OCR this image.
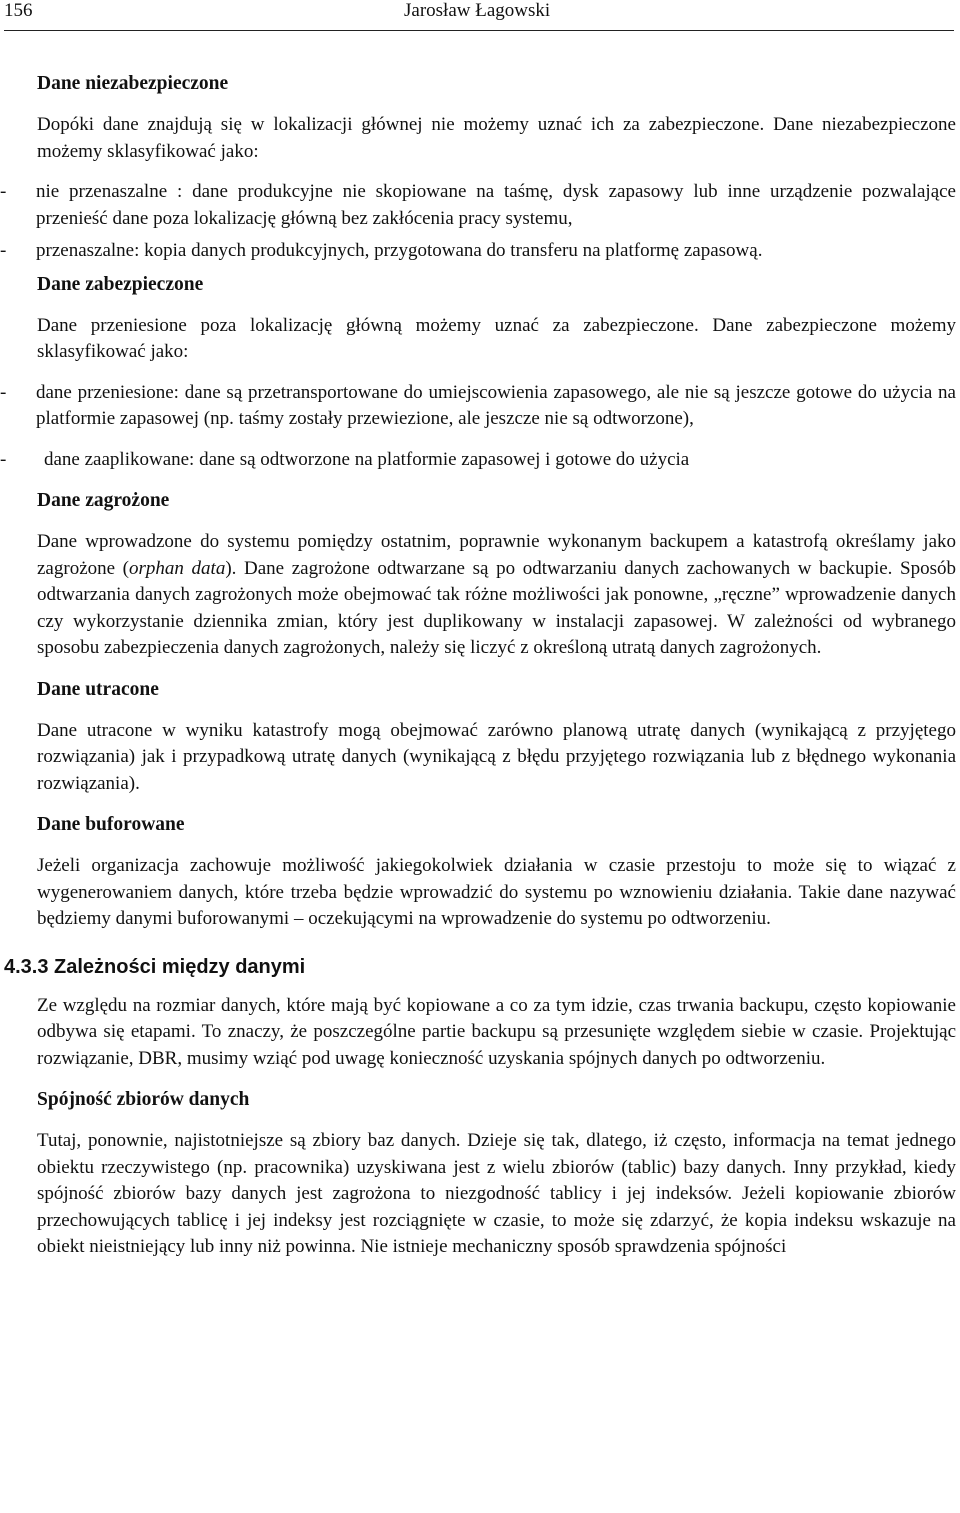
156	Jarosław Łagowski
Dane niezabezpieczone
Dopóki dane znajdują się w lokalizacji głównej nie możemy uznać ich za zabezpieczone. Dane niezabezpieczone możemy sklasyfikować jako:
- nie przenaszalne : dane produkcyjne nie skopiowane na taśmę, dysk zapasowy lub inne urządzenie pozwalające przenieść dane poza lokalizację główną bez zakłócenia pracy systemu,
- przenaszalne: kopia danych produkcyjnych, przygotowana do transferu na platformę zapasową.
Dane zabezpieczone
Dane przeniesione poza lokalizację główną możemy uznać za zabezpieczone. Dane zabezpieczone możemy sklasyfikować jako:
- dane przeniesione: dane są przetransportowane do umiejscowienia zapasowego, ale nie są jeszcze gotowe do użycia na platformie zapasowej (np. taśmy zostały przewiezione, ale jeszcze nie są odtworzone),
- dane zaaplikowane: dane są odtworzone na platformie zapasowej i gotowe do użycia
Dane zagrożone
Dane wprowadzone do systemu pomiędzy ostatnim, poprawnie wykonanym backupem a katastrofą określamy jako zagrożone (orphan data). Dane zagrożone odtwarzane są po odtwarzaniu danych zachowanych w backupie. Sposób odtwarzania danych zagrożonych może obejmować tak różne możliwości jak ponowne, „ręczne” wprowadzenie danych czy wykorzystanie dziennika zmian, który jest duplikowany w instalacji zapasowej. W zależności od wybranego sposobu zabezpieczenia danych zagrożonych, należy się liczyć z określoną utratą danych zagrożonych.
Dane utracone
Dane utracone w wyniku katastrofy mogą obejmować zarówno planową utratę danych (wynikającą z przyjętego rozwiązania) jak i przypadkową utratę danych (wynikającą z błędu przyjętego rozwiązania lub z błędnego wykonania rozwiązania).
Dane buforowane
Jeżeli organizacja zachowuje możliwość jakiegokolwiek działania w czasie przestoju to może się to wiązać z wygenerowaniem danych, które trzeba będzie wprowadzić do systemu po wznowieniu działania. Takie dane nazywać będziemy danymi buforowanymi – oczekującymi na wprowadzenie do systemu po odtworzeniu.
4.3.3 Zależności między danymi
Ze względu na rozmiar danych, które mają być kopiowane a co za tym idzie, czas trwania backupu, często kopiowanie odbywa się etapami. To znaczy, że poszczególne partie backupu są przesunięte względem siebie w czasie. Projektując rozwiązanie, DBR, musimy wziąć pod uwagę konieczność uzyskania spójnych danych po odtworzeniu.
Spójność zbiorów danych
Tutaj, ponownie, najistotniejsze są zbiory baz danych. Dzieje się tak, dlatego, iż często, informacja na temat jednego obiektu rzeczywistego (np. pracownika) uzyskiwana jest z wielu zbiorów (tablic) bazy danych. Inny przykład, kiedy spójność zbiorów bazy danych jest zagrożona to niezgodność tablicy i jej indeksów. Jeżeli kopiowanie zbiorów przechowujących tablicę i jej indeksy jest rozciągnięte w czasie, to może się zdarzyć, że kopia indeksu wskazuje na obiekt nieistniejący lub inny niż powinna. Nie istnieje mechaniczny sposób sprawdzenia spójności
